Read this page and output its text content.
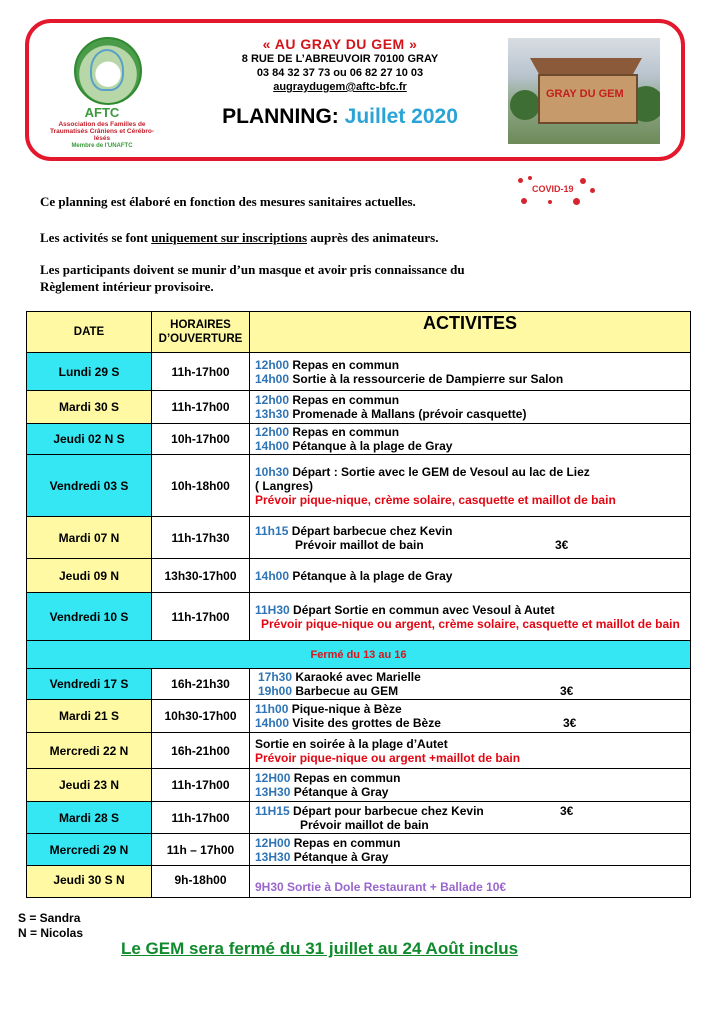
AFTC
Association des Familles de Traumatisés Crâniens et Cérébro-lésés
Membre de l'UNAFTC
« AU GRAY DU GEM »
8 RUE DE L’ABREUVOIR 70100 GRAY
03 84 32 37 73 ou 06 82 27 10 03
augraydugem@aftc-bfc.fr
PLANNING: Juillet 2020
GRAY DU GEM
COVID-19
Ce planning est élaboré en fonction des mesures sanitaires actuelles.
Les activités se font uniquement sur inscriptions auprès des animateurs.
Les participants doivent se munir d’un masque et avoir pris connaissance du
Règlement intérieur provisoire.
DATE	HORAIRES
D’OUVERTURE	ACTIVITES
Lundi 29 S	11h-17h00	12h00 Repas en commun
14h00 Sortie à la ressourcerie de Dampierre sur Salon

Mardi 30 S	11h-17h00	12h00 Repas en commun
13h30 Promenade à Mallans (prévoir casquette)

Jeudi 02 N S	10h-17h00	12h00 Repas en commun
14h00 Pétanque à la plage de Gray

Vendredi 03 S	10h-18h00	10h30 Départ : Sortie avec le GEM de Vesoul au lac de Liez
( Langres)
Prévoir pique-nique, crème solaire, casquette et maillot de bain

Mardi 07 N	11h-17h30	11h15 Départ barbecue chez Kevin
Prévoir maillot de bain 3€

Jeudi 09 N	13h30-17h00	14h00 Pétanque à la plage de Gray

Vendredi 10 S	11h-17h00	11H30 Départ Sortie en commun avec Vesoul à Autet
Prévoir pique-nique ou argent, crème solaire, casquette et maillot de bain

Fermé du 13 au 16		
Vendredi 17 S	16h-21h30	17h30 Karaoké avec Marielle
19h00 Barbecue au GEM 3€

Mardi 21 S	10h30-17h00	11h00 Pique-nique à Bèze
14h00 Visite des grottes de Bèze 3€

Mercredi 22 N	16h-21h00	Sortie en soirée à la plage d’Autet
Prévoir pique-nique ou argent +maillot de bain

Jeudi 23 N	11h-17h00	12H00 Repas en commun
13H30 Pétanque à Gray

Mardi 28 S	11h-17h00	11H15 Départ pour barbecue chez Kevin 3€
Prévoir maillot de bain

Mercredi 29 N	11h – 17h00	12H00 Repas en commun
13H30 Pétanque à Gray

Jeudi 30 S N	9h-18h00	9H30 Sortie à Dole Restaurant + Ballade 10€
S = Sandra
N = Nicolas
Le GEM sera fermé du 31 juillet au 24 Août inclus
